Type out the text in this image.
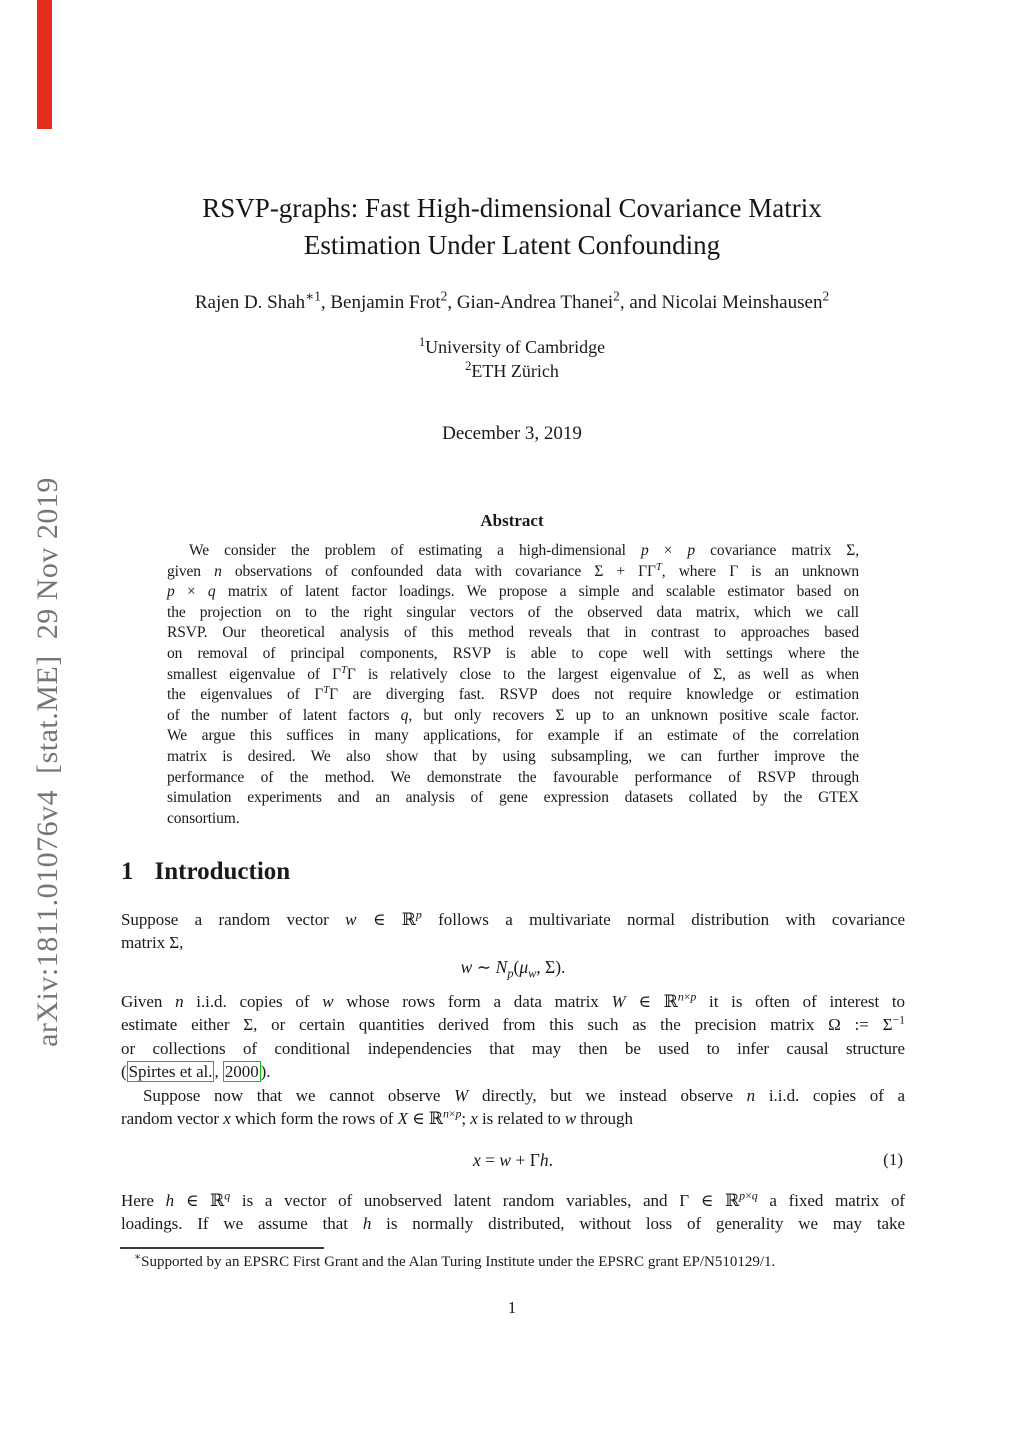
arXiv:1811.01076v4  [stat.ME]  29 Nov 2019
RSVP-graphs: Fast High-dimensional Covariance Matrix
Estimation Under Latent Confounding
Rajen D. Shah$^{∗1}$, Benjamin Frot$^2$, Gian-Andrea Thanei$^2$, and Nicolai Meinshausen$^2$
$^1$University of Cambridge
$^2$ETH Zürich
December 3, 2019
Abstract
We consider the problem of estimating a high-dimensional p × p covariance matrix Σ,
given n observations of confounded data with covariance $\Sigma + \Gamma\Gamma^T$, where Γ is an unknown
p × q matrix of latent factor loadings. We propose a simple and scalable estimator based on
the projection on to the right singular vectors of the observed data matrix, which we call
RSVP. Our theoretical analysis of this method reveals that in contrast to approaches based
on removal of principal components, RSVP is able to cope well with settings where the
smallest eigenvalue of $\Gamma^T\Gamma$ is relatively close to the largest eigenvalue of Σ, as well as when
the eigenvalues of $\Gamma^T\Gamma$ are diverging fast. RSVP does not require knowledge or estimation
of the number of latent factors q, but only recovers Σ up to an unknown positive scale factor.
We argue this suffices in many applications, for example if an estimate of the correlation
matrix is desired. We also show that by using subsampling, we can further improve the
performance of the method. We demonstrate the favourable performance of RSVP through
simulation experiments and an analysis of gene expression datasets collated by the GTEX
consortium.
1 Introduction
Suppose a random vector w ∈ ℝ$^p$ follows a multivariate normal distribution with covariance
matrix Σ,
w ∼ $N_p(\mu_w$, Σ).
Given n i.i.d. copies of w whose rows form a data matrix W ∈ ℝ$^{n\times p}$ it is often of interest to
estimate either Σ, or certain quantities derived from this such as the precision matrix Ω := $\Sigma^{-1}$
or collections of conditional independencies that may then be used to infer causal structure
( Spirtes et al. , 2000 ).
Suppose now that we cannot observe W directly, but we instead observe n i.i.d. copies of a
random vector x which form the rows of X ∈ ℝ$^{n\times p}$; x is related to w through
x = w + Γh.	(1)
Here h ∈ ℝ$^q$ is a vector of unobserved latent random variables, and Γ ∈ ℝ$^{p\times q}$ a fixed matrix of
loadings. If we assume that h is normally distributed, without loss of generality we may take
∗Supported by an EPSRC First Grant and the Alan Turing Institute under the EPSRC grant EP/N510129/1.
1
